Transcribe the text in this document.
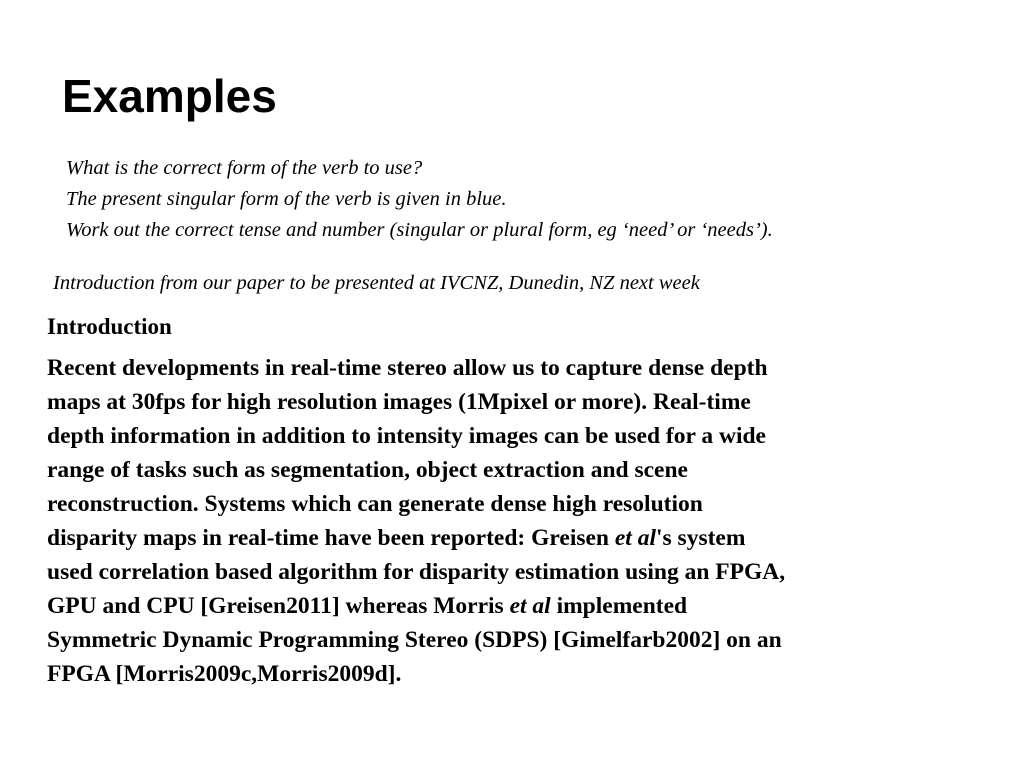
Examples
What is the correct form of the verb to use?
The present singular form of the verb is given in blue.
Work out the correct tense and number (singular or plural form, eg ‘need’ or ‘needs’).
Introduction from our paper to be presented at IVCNZ, Dunedin, NZ next week
Introduction
Recent developments in real-time stereo allow us to capture dense depth
maps at 30fps for high resolution images (1Mpixel or more). Real-time
depth information in addition to intensity images can be used for a wide
range of tasks such as segmentation, object extraction and scene
reconstruction. Systems which can generate dense high resolution
disparity maps in real-time have been reported: Greisen et al's system
used correlation based algorithm for disparity estimation using an FPGA,
GPU and CPU [Greisen2011] whereas Morris et al implemented
Symmetric Dynamic Programming Stereo (SDPS) [Gimelfarb2002] on an
FPGA [Morris2009c,Morris2009d].
